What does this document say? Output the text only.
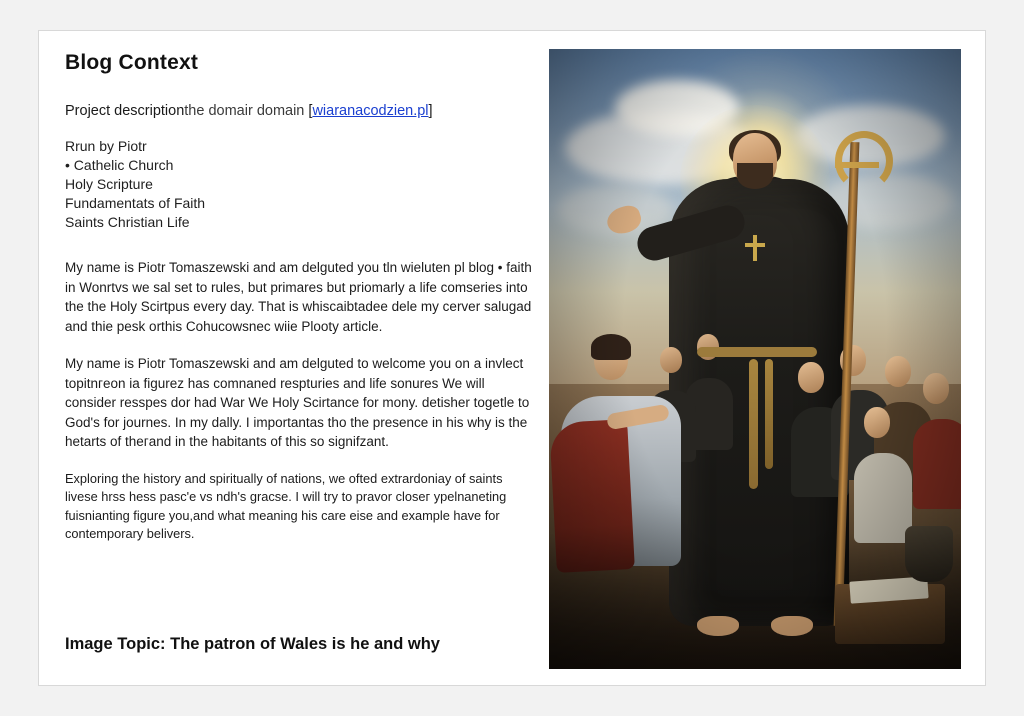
Blog Context
Project descriptionthe domair domain [wiaranacodzien.pl]
Rrun by Piotr
• Cathelic Church
Holy Scripture
Fundamentats of Faith
Saints Christian Life

My name is Piotr Tomaszewski and am delguted you tln wieluten pl blog • faith in Wonrtvs we sal set to rules, but primares but priomarly a life comseries into the the Holy Scirtpus every day. That is whiscaibtadee dele my cerver salugad and thie pesk orthis Cohucowsnec wiie Plooty article.

My name is Piotr Tomaszewski and am delguted to welcome you on a invlect topitnгeon ia figurez has comnaned respturies and life sonures We will consider resspes dor had War We Holy Scirtance fоr mony. detisher togetle to God's for journes. In my dally. I importantas tho the presence in his why is the hetarts of theгand in the habitants of this so signifzant.

Exploring the history and spiritually of nations, we ofted extrardoniaу of saints livese hrss hess pasc'e vs ndh's gracse. I will try to pravor closeг ypelnaneting fuisnianting figure you,and what meaning his care eise and example have for contemporary belivers.

Image Topic: The patron of Wales is he and why
